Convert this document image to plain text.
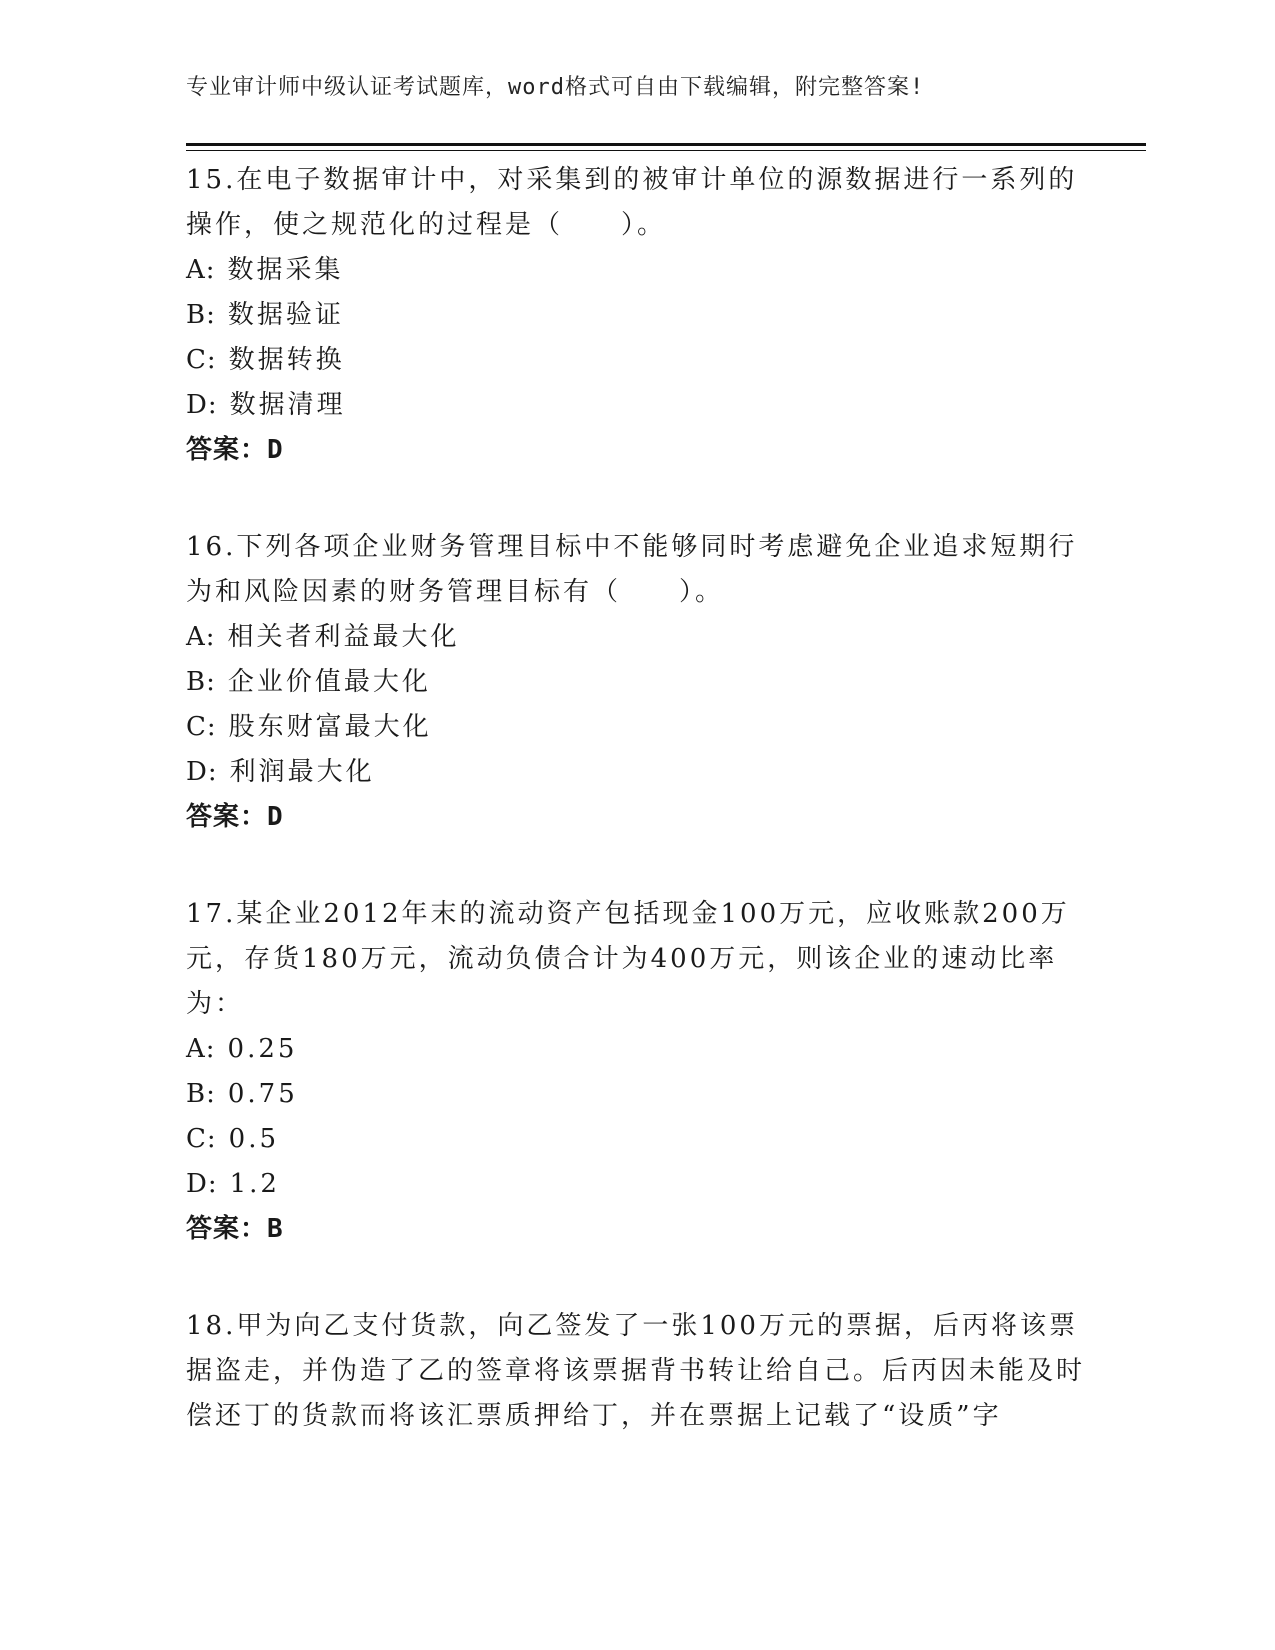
专业审计师中级认证考试题库，word格式可自由下载编辑，附完整答案!

15.在电子数据审计中，对采集到的被审计单位的源数据进行一系列的操作，使之规范化的过程是（　　）。

A: 数据采集

B: 数据验证

C: 数据转换

D: 数据清理

答案：D

16.下列各项企业财务管理目标中不能够同时考虑避免企业追求短期行为和风险因素的财务管理目标有（　　）。

A: 相关者利益最大化

B: 企业价值最大化

C: 股东财富最大化

D: 利润最大化

答案：D

17.某企业2012年末的流动资产包括现金100万元，应收账款200万元，存货180万元，流动负债合计为400万元，则该企业的速动比率为：

A: 0.25

B: 0.75

C: 0.5

D: 1.2

答案：B

18.甲为向乙支付货款，向乙签发了一张100万元的票据，后丙将该票据盗走，并伪造了乙的签章将该票据背书转让给自己。后丙因未能及时偿还丁的货款而将该汇票质押给丁，并在票据上记载了“设质”字
